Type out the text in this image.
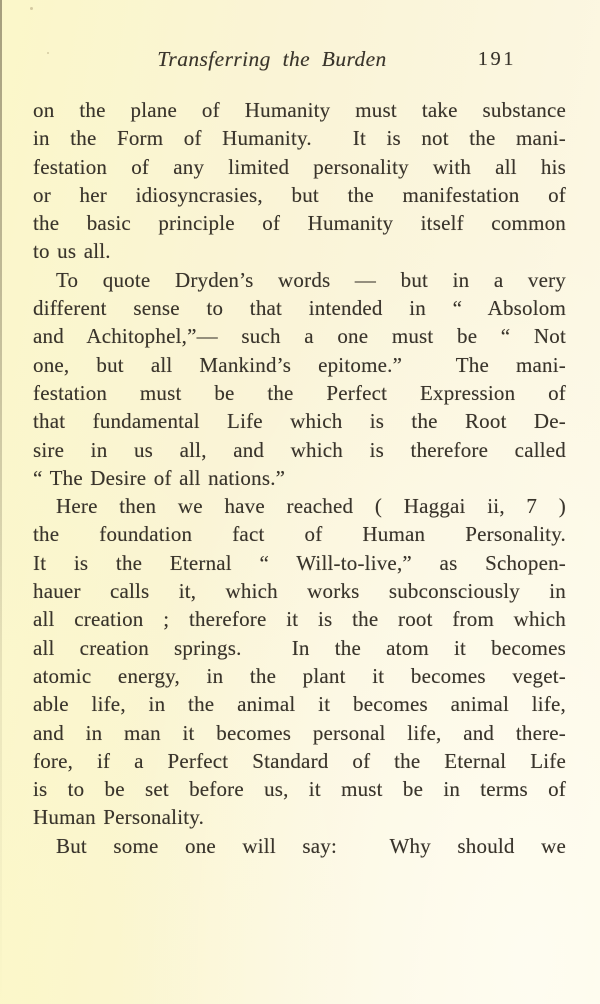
Transferring the Burden	191
on the plane of Humanity must take substance
in the Form of Humanity.  It is not the mani-
festation of any limited personality with all his
or her idiosyncrasies, but the manifestation of
the basic principle of Humanity itself common
to us all.
To quote Dryden’s words — but in a very
different sense to that intended in “ Absolom
and Achitophel,”— such a one must be “ Not
one, but all Mankind’s epitome.”  The mani-
festation must be the Perfect Expression of
that fundamental Life which is the Root De-
sire in us all, and which is therefore called
“ The Desire of all nations.”
Here then we have reached ( Haggai ii, 7 )
the foundation fact of Human Personality.
It is the Eternal “ Will-to-live,” as Schopen-
hauer calls it, which works subconsciously in
all creation ; therefore it is the root from which
all creation springs.  In the atom it becomes
atomic energy, in the plant it becomes veget-
able life, in the animal it becomes animal life,
and in man it becomes personal life, and there-
fore, if a Perfect Standard of the Eternal Life
is to be set before us, it must be in terms of
Human Personality.
But some one will say:  Why should we
